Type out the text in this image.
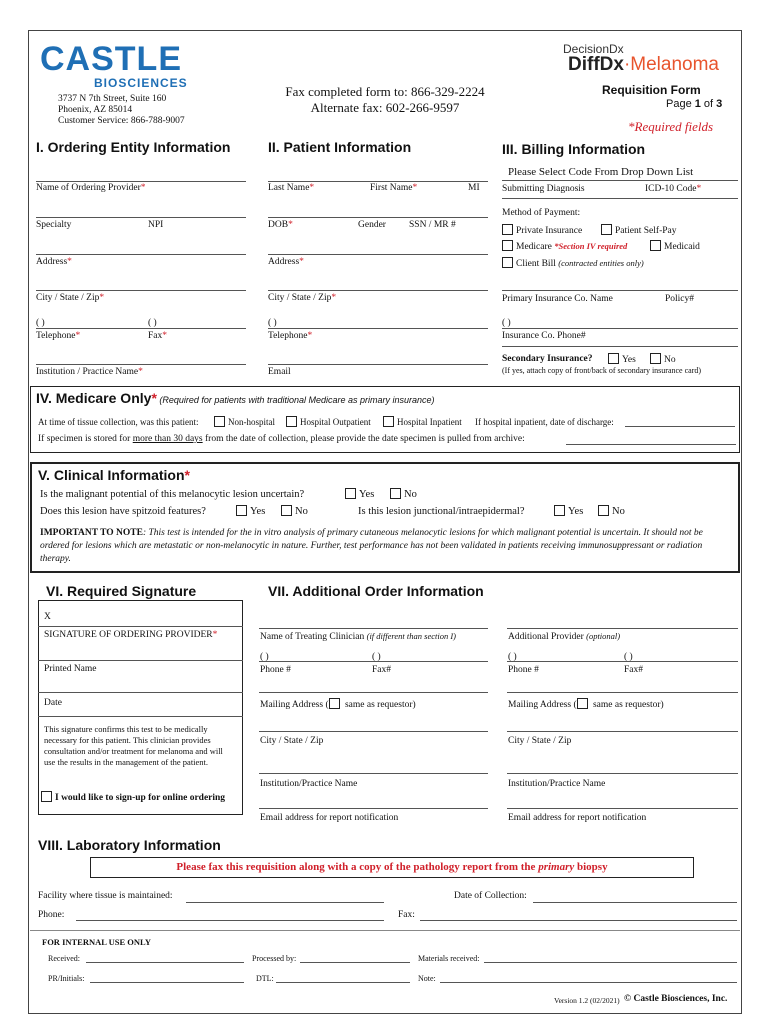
CASTLE
BIOSCIENCES
3737 N 7th Street, Suite 160
Phoenix, AZ 85014
Customer Service: 866-788-9007
Fax completed form to: 866-329-2224
Alternate fax: 602-266-9597
DecisionDx
DiffDx·Melanoma
Requisition Form
Page 1 of 3
*Required fields
I. Ordering Entity Information	II. Patient Information	III. Billing Information
Name of Ordering Provider*
Specialty	NPI
Address*
City / State / Zip*
( )	( )
Telephone*	Fax*
Institution / Practice Name*
Last Name*	First Name*	MI
DOB*	Gender SSN / MR #
Address*
City / State / Zip*
( )
Telephone*
Email
Please Select Code From Drop Down List
Submitting Diagnosis	ICD-10 Code*
Method of Payment:
Private Insurance	Patient Self-Pay
Medicare *Section IV required	Medicaid
Client Bill (contracted entities only)
Primary Insurance Co. Name	Policy#
( )
Insurance Co. Phone#
Secondary Insurance?	Yes	No
(If yes, attach copy of front/back of secondary insurance card)
IV. Medicare Only* (Required for patients with traditional Medicare as primary insurance)
At time of tissue collection, was this patient:	Non-hospital	Hospital Outpatient	Hospital Inpatient If hospital inpatient, date of discharge:
If specimen is stored for more than 30 days from the date of collection, please provide the date specimen is pulled from archive:
V. Clinical Information*
Is the malignant potential of this melanocytic lesion uncertain?	Yes	No
Does this lesion have spitzoid features?	Yes	No	Is this lesion junctional/intraepidermal?	Yes	No
IMPORTANT TO NOTE: This test is intended for the in vitro analysis of primary cutaneous melanocytic lesions for which malignant potential is uncertain. It should not be ordered for lesions which are metastatic or non-melanocytic in nature. Further, test performance has not been validated in patients receiving immunosuppressant or radiation therapy.
VI. Required Signature
X
SIGNATURE OF ORDERING PROVIDER*
Printed Name
Date
This signature confirms this test to be medically necessary for this patient. This clinician provides consultation and/or treatment for melanoma and will use the results in the management of the patient.
I would like to sign-up for online ordering
VII. Additional Order Information
Name of Treating Clinician (if different than section I)	Additional Provider (optional)
( )	( )	( )	( )
Phone #	Fax#	Phone #	Fax#
Mailing Address ( same as requestor)	Mailing Address ( same as requestor)
City / State / Zip	City / State / Zip
Institution/Practice Name	Institution/Practice Name
Email address for report notification	Email address for report notification
VIII. Laboratory Information
Please fax this requisition along with a copy of the pathology report from the primary biopsy
Facility where tissue is maintained:	Date of Collection:
Phone:	Fax:
FOR INTERNAL USE ONLY
Received:	Processed by:	Materials received:
PR/Initials:	DTL:	Note:
Version 1.2 (02/2021) © Castle Biosciences, Inc.
